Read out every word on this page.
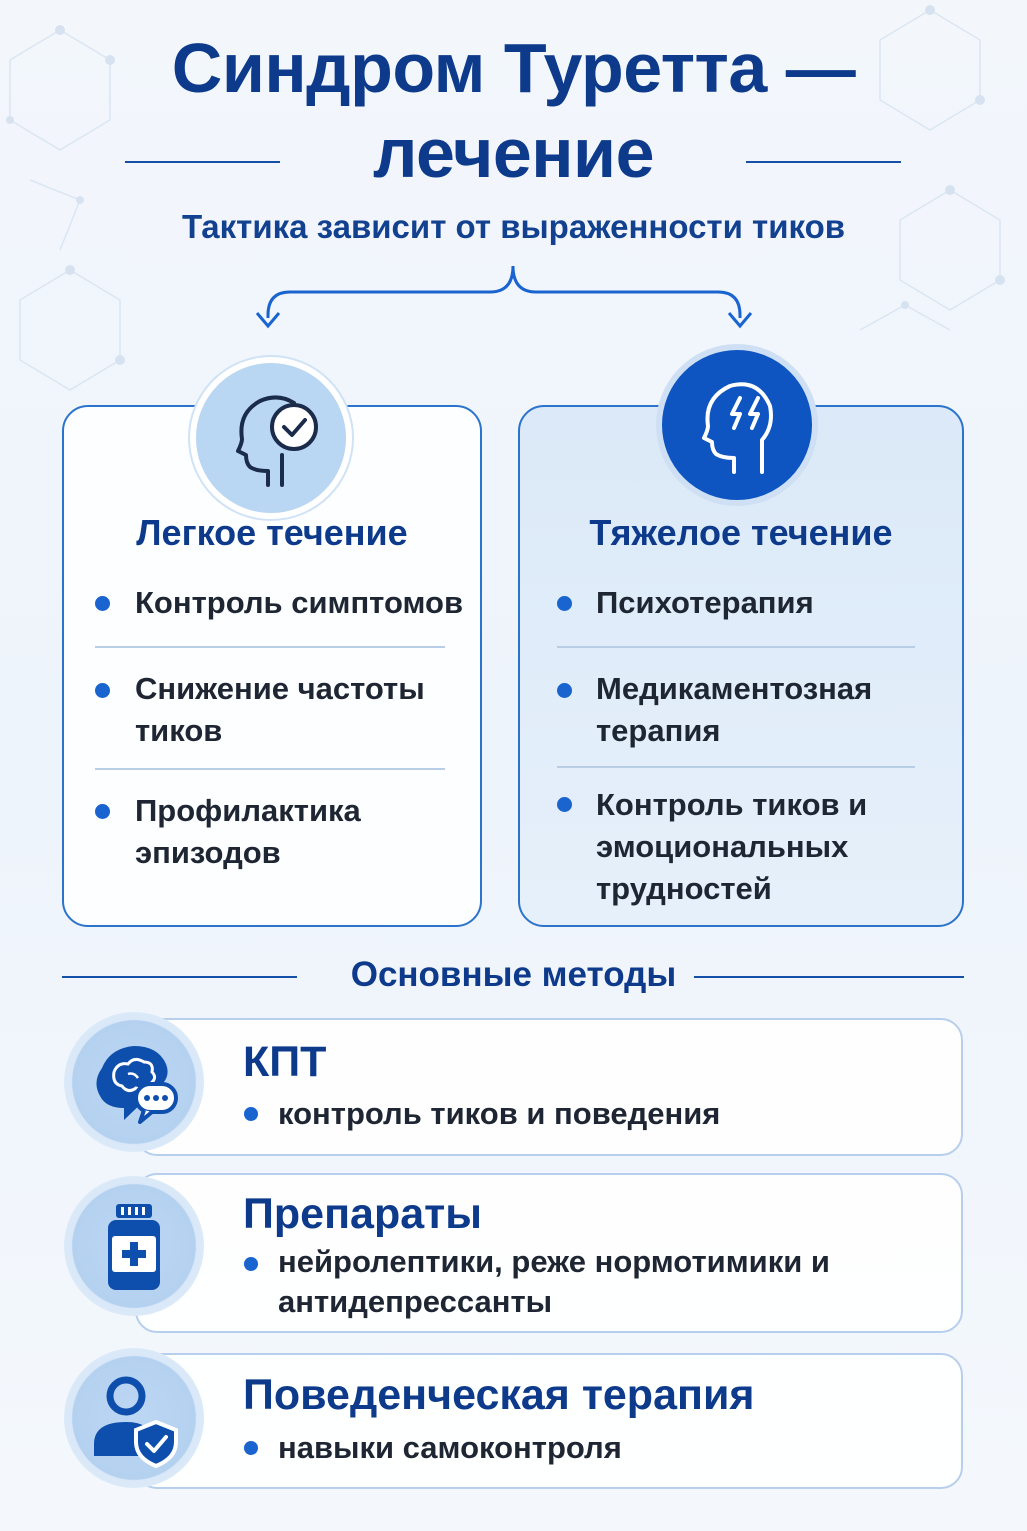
Синдром Туретта —
лечение
Тактика зависит от выраженности тиков
Легкое течение
Контроль симптомов
Снижение частоты тиков
Профилактика эпизодов
Тяжелое течение
Психотерапия
Медикаментозная терапия
Контроль тиков и эмоциональных трудностей
Основные методы
КПТ
контроль тиков и поведения
Препараты
нейролептики, реже нормотимики и антидепрессанты
Поведенческая терапия
навыки самоконтроля
